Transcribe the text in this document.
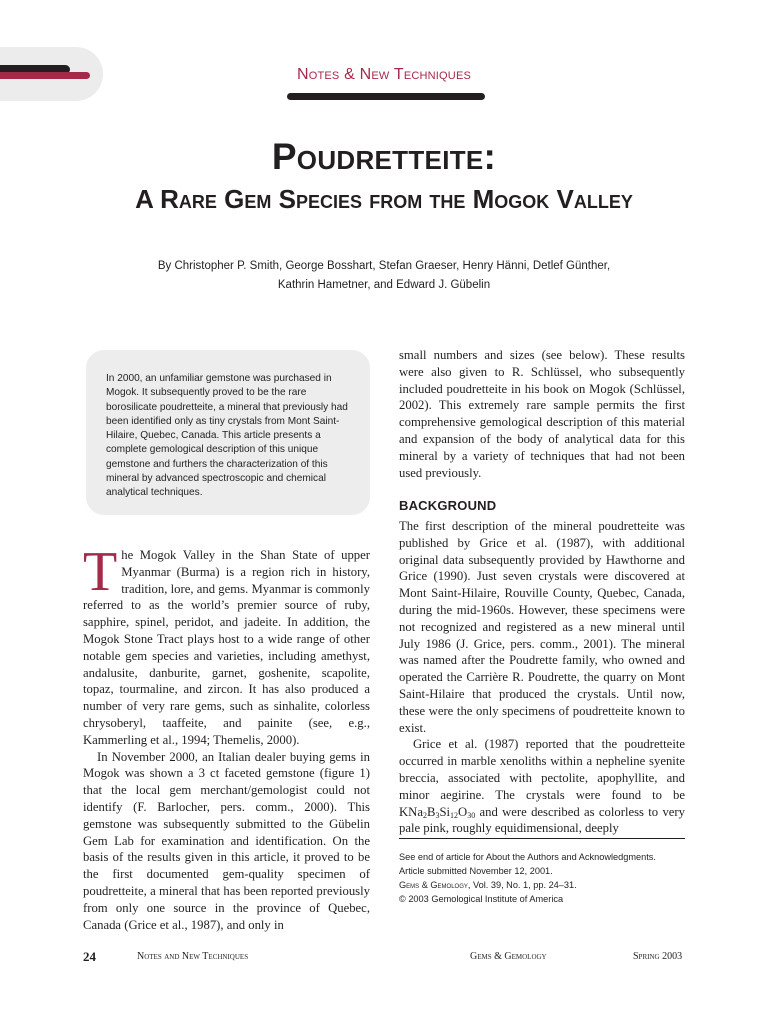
Notes & New Techniques
Poudretteite:
A Rare Gem Species from the Mogok Valley
By Christopher P. Smith, George Bosshart, Stefan Graeser, Henry Hänni, Detlef Günther,
Kathrin Hametner, and Edward J. Gübelin
In 2000, an unfamiliar gemstone was purchased in Mogok. It subsequently proved to be the rare borosilicate poudretteite, a mineral that previously had been identified only as tiny crystals from Mont Saint-Hilaire, Quebec, Canada. This article presents a complete gemological description of this unique gemstone and furthers the characterization of this mineral by advanced spectroscopic and chemical analytical techniques.

The Mogok Valley in the Shan State of upper Myanmar (Burma) is a region rich in history, tradition, lore, and gems. Myanmar is commonly referred to as the world’s premier source of ruby, sapphire, spinel, peridot, and jadeite. In addition, the Mogok Stone Tract plays host to a wide range of other notable gem species and varieties, including amethyst, andalusite, danburite, garnet, goshenite, scapolite, topaz, tourmaline, and zircon. It has also produced a number of very rare gems, such as sinhalite, colorless chrysoberyl, taaffeite, and painite (see, e.g., Kammerling et al., 1994; Themelis, 2000).

In November 2000, an Italian dealer buying gems in Mogok was shown a 3 ct faceted gemstone (figure 1) that the local gem merchant/gemologist could not identify (F. Barlocher, pers. comm., 2000). This gemstone was subsequently submitted to the Gübelin Gem Lab for examination and identification. On the basis of the results given in this article, it proved to be the first documented gem-quality specimen of poudretteite, a mineral that has been reported previously from only one source in the province of Quebec, Canada (Grice et al., 1987), and only in

small numbers and sizes (see below). These results were also given to R. Schlüssel, who subsequently included poudretteite in his book on Mogok (Schlüssel, 2002). This extremely rare sample permits the first comprehensive gemological description of this material and expansion of the body of analytical data for this mineral by a variety of techniques that had not been used previously.

BACKGROUND

The first description of the mineral poudretteite was published by Grice et al. (1987), with additional original data subsequently provided by Hawthorne and Grice (1990). Just seven crystals were discovered at Mont Saint-Hilaire, Rouville County, Quebec, Canada, during the mid-1960s. However, these specimens were not recognized and registered as a new mineral until July 1986 (J. Grice, pers. comm., 2001). The mineral was named after the Poudrette family, who owned and operated the Carrière R. Poudrette, the quarry on Mont Saint-Hilaire that produced the crystals. Until now, these were the only specimens of poudretteite known to exist.

Grice et al. (1987) reported that the poudretteite occurred in marble xenoliths within a nepheline syenite breccia, associated with pectolite, apophyllite, and minor aegirine. The crystals were found to be $KNa_2B_3Si_{12}O_{30}$ and were described as colorless to very pale pink, roughly equidimensional, deeply

See end of article for About the Authors and Acknowledgments.
Article submitted November 12, 2001.
Gems & Gemology, Vol. 39, No. 1, pp. 24–31.
© 2003 Gemological Institute of America
24	Notes and New Techniques	Gems & Gemology	Spring 2003
